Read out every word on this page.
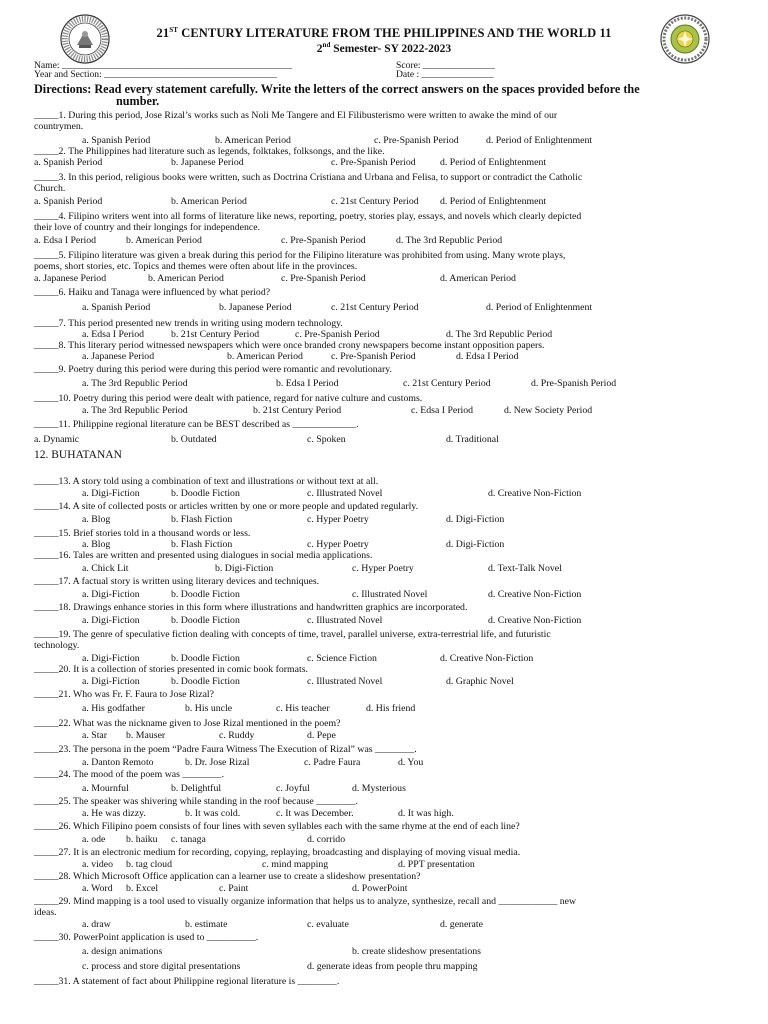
21ST CENTURY LITERATURE FROM THE PHILIPPINES AND THE WORLD 11
2nd Semester- SY 2022-2023
Name: ________________________________________________	Score: _______________
Year and Section: ____________________________________	Date : _______________
Directions: Read every statement carefully. Write the letters of the correct answers on the spaces provided before the
number.
_____1. During this period, Jose Rizal’s works such as Noli Me Tangere and El Filibusterismo were written to awake the mind of our
countrymen.
a. Spanish Period	b. American Period	c. Pre-Spanish Period	d. Period of Enlightenment
_____2. The Philippines had literature such as legends, folktakes, folksongs, and the like.
a. Spanish Period	b. Japanese Period	c. Pre-Spanish Period d. Period of Enlightenment
_____3. In this period, religious books were written, such as Doctrina Cristiana and Urbana and Felisa, to support or contradict the Catholic
Church.
a. Spanish Period	b. American Period	c. 21st Century Period d. Period of Enlightenment
_____4. Filipino writers went into all forms of literature like news, reporting, poetry, stories play, essays, and novels which clearly depicted
their love of country and their longings for independence.
a. Edsa I Period	b. American Period	c. Pre-Spanish Period	d. The 3rd Republic Period
_____5. Filipino literature was given a break during this period for the Filipino literature was prohibited from using. Many wrote plays,
poems, short stories, etc. Topics and themes were often about life in the provinces.
a. Japanese Period	b. American Period	c. Pre-Spanish Period	d. American Period
_____6. Haiku and Tanaga were influenced by what period?
a. Spanish Period	b. Japanese Period	c. 21st Century Period	d. Period of Enlightenment
_____7. This period presented new trends in writing using modern technology.
a. Edsa I Period	b. 21st Century Period	c. Pre-Spanish Period	d. The 3rd Republic Period
_____8. This literary period witnessed newspapers which were once branded crony newspapers become instant opposition papers.
a. Japanese Period	b. American Period	c. Pre-Spanish Period	d. Edsa I Period
_____9. Poetry during this period were during this period were romantic and revolutionary.
a. The 3rd Republic Period	b. Edsa I Period	c. 21st Century Period	d. Pre-Spanish Period
_____10. Poetry during this period were dealt with patience, regard for native culture and customs.
a. The 3rd Republic Period	b. 21st Century Period	c. Edsa I Period	d. New Society Period
_____11. Philippine regional literature can be BEST described as _____________.
a. Dynamic	b. Outdated	c. Spoken	d. Traditional
12. BUHATANAN
_____13. A story told using a combination of text and illustrations or without text at all.
a. Digi-Fiction	b. Doodle Fiction	c. Illustrated Novel	d. Creative Non-Fiction
_____14. A site of collected posts or articles written by one or more people and updated regularly.
a. Blog	b. Flash Fiction	c. Hyper Poetry	d. Digi-Fiction
_____15. Brief stories told in a thousand words or less.
a. Blog	b. Flash Fiction	c. Hyper Poetry	d. Digi-Fiction
_____16. Tales are written and presented using dialogues in social media applications.
a. Chick Lit	b. Digi-Fiction	c. Hyper Poetry	d. Text-Talk Novel
_____17. A factual story is written using literary devices and techniques.
a. Digi-Fiction	b. Doodle Fiction	c. Illustrated Novel	d. Creative Non-Fiction
_____18. Drawings enhance stories in this form where illustrations and handwritten graphics are incorporated.
a. Digi-Fiction	b. Doodle Fiction	c. Illustrated Novel	d. Creative Non-Fiction
_____19. The genre of speculative fiction dealing with concepts of time, travel, parallel universe, extra-terrestrial life, and futuristic
technology.
a. Digi-Fiction	b. Doodle Fiction	c. Science Fiction	d. Creative Non-Fiction
_____20. It is a collection of stories presented in comic book formats.
a. Digi-Fiction	b. Doodle Fiction	c. Illustrated Novel	d. Graphic Novel
_____21. Who was Fr. F. Faura to Jose Rizal?
a. His godfather	b. His uncle	c. His teacher	d. His friend
_____22. What was the nickname given to Jose Rizal mentioned in the poem?
a. Star b. Mauser	c. Ruddy	d. Pepe
_____23. The persona in the poem “Padre Faura Witness The Execution of Rizal” was ________.
a. Danton Remoto	b. Dr. Jose Rizal	c. Padre Faura	d. You
_____24. The mood of the poem was ________.
a. Mournful	b. Delightful	c. Joyful	d. Mysterious
_____25. The speaker was shivering while standing in the roof because ________.
a. He was dizzy.	b. It was cold.	c. It was December.	d. It was high.
_____26. Which Filipino poem consists of four lines with seven syllables each with the same rhyme at the end of each line?
a. ode b. haiku c. tanaga	d. corrido
_____27. It is an electronic medium for recording, copying, replaying, broadcasting and displaying of moving visual media.
a. video b. tag cloud	c. mind mapping	d. PPT presentation
_____28. Which Microsoft Office application can a learner use to create a slideshow presentation?
a. Word b. Excel	c. Paint	d. PowerPoint
_____29. Mind mapping is a tool used to visually organize information that helps us to analyze, synthesize, recall and ____________ new
ideas.
a. draw	b. estimate	c. evaluate	d. generate
_____30. PowerPoint application is used to __________.
a. design animations	b. create slideshow presentations
c. process and store digital presentations	d. generate ideas from people thru mapping
_____31. A statement of fact about Philippine regional literature is ________.
